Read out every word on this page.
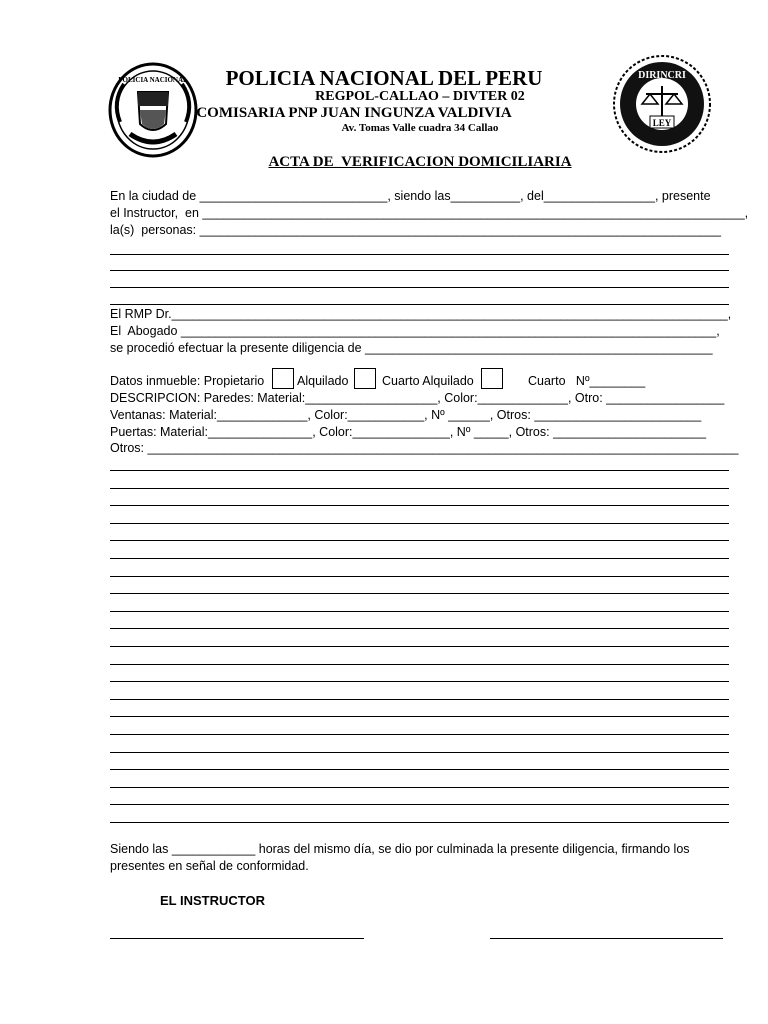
POLICIA NACIONAL	DIRINCRI
LEY
POLICIA NACIONAL DEL PERU
REGPOL-CALLAO – DIVTER 02
COMISARIA PNP JUAN INGUNZA VALDIVIA
Av. Tomas Valle cuadra 34 Callao
ACTA DE_VERIFICACION DOMICILIARIA
En la ciudad de ___________________________, siendo las__________, del________________, presente
el Instructor,  en ______________________________________________________________________________,
la(s)  personas: ___________________________________________________________________________
El RMP Dr.________________________________________________________________________________,
El  Abogado _____________________________________________________________________________,
se procedió efectuar la presente diligencia de __________________________________________________
Datos inmueble: Propietario	Alquilado	Cuarto Alquilado	Cuarto   Nº________
DESCRIPCION: Paredes: Material:___________________, Color:_____________, Otro: _________________
Ventanas: Material:_____________, Color:___________, Nº ______, Otros: ________________________
Puertas: Material:_______________, Color:______________, Nº _____, Otros: ______________________
Otros: _____________________________________________________________________________________
Siendo las ____________ horas del mismo día, se dio por culminada la presente diligencia, firmando los
presentes en señal de conformidad.
EL INSTRUCTOR
